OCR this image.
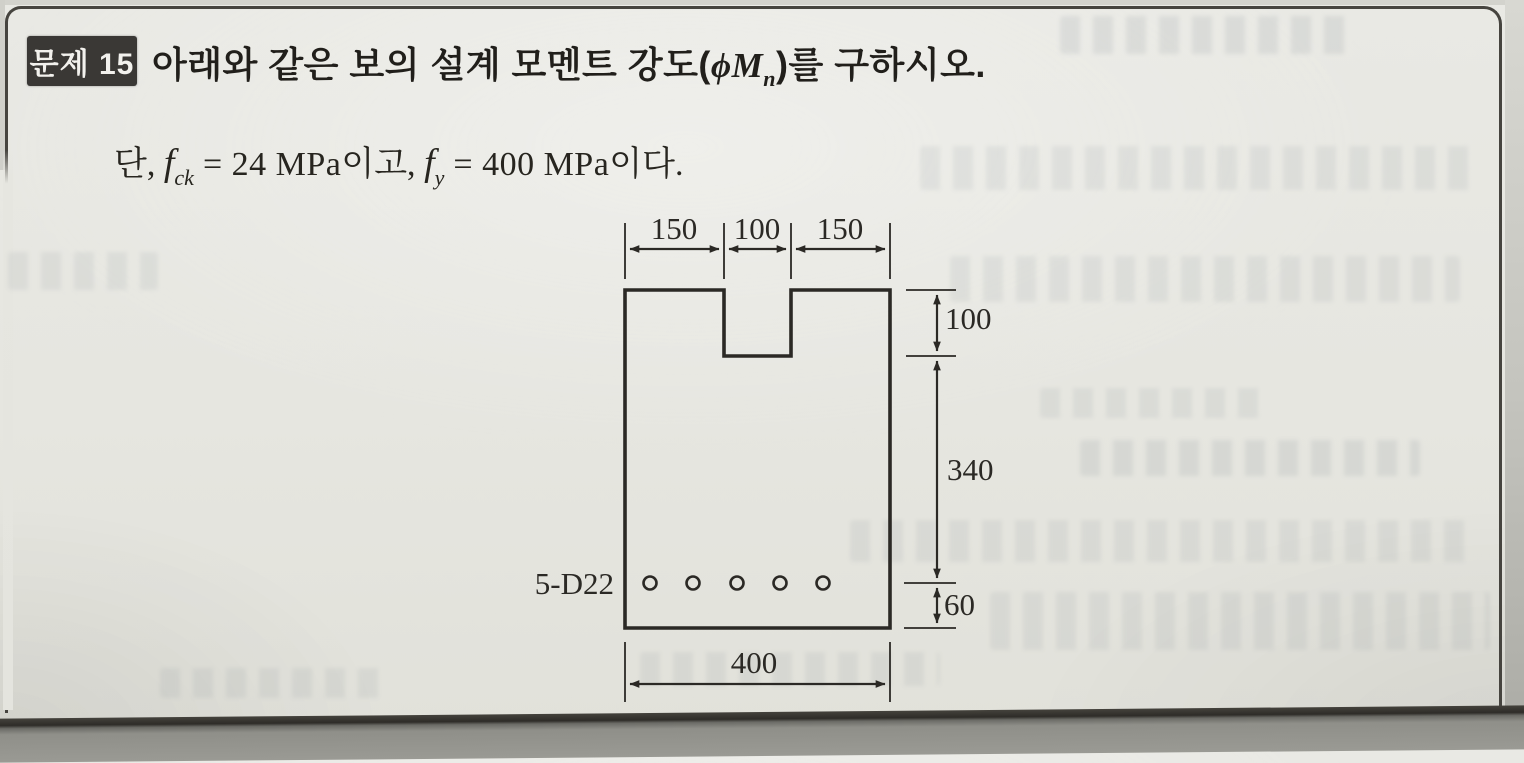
문제 15 아래와 같은 보의 설계 모멘트 강도$(\phi M_n)$를 구하시오.
단, $f_{ck} = 24$ MPa이고, $f_y = 400$ MPa이다.
150 100 150
100
340
60
5-D22
400
